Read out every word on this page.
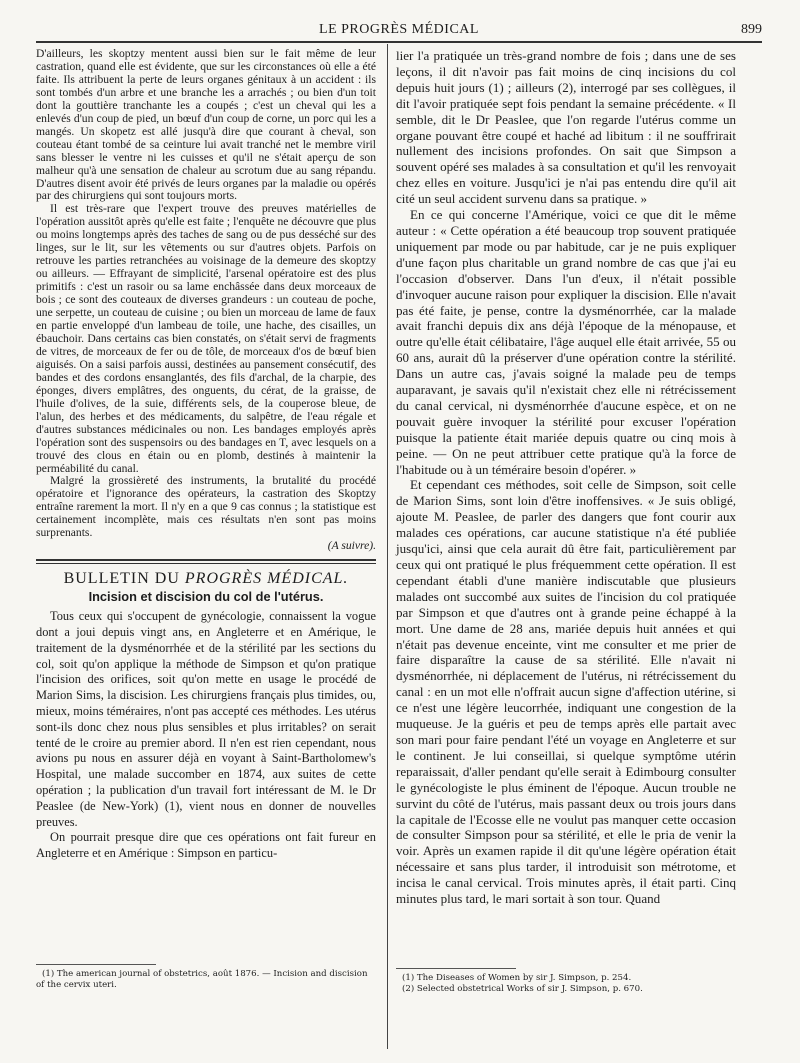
LE PROGRÈS MÉDICAL	899

D'ailleurs, les skoptzy mentent aussi bien sur le fait même de leur castration, quand elle est évidente, que sur les circonstances où elle a été faite. Ils attribuent la perte de leurs organes génitaux à un accident : ils sont tombés d'un arbre et une branche les a arrachés ; ou bien d'un toit dont la gouttière tranchante les a coupés ; c'est un cheval qui les a enlevés d'un coup de pied, un bœuf d'un coup de corne, un porc qui les a mangés. Un skopetz est allé jusqu'à dire que courant à cheval, son couteau étant tombé de sa ceinture lui avait tranché net le membre viril sans blesser le ventre ni les cuisses et qu'il ne s'était aperçu de son malheur qu'à une sensation de chaleur au scrotum due au sang répandu. D'autres disent avoir été privés de leurs organes par la maladie ou opérés par des chirurgiens qui sont toujours morts.

Il est très-rare que l'expert trouve des preuves matérielles de l'opération aussitôt après qu'elle est faite ; l'enquête ne découvre que plus ou moins longtemps après des taches de sang ou de pus desséché sur des linges, sur le lit, sur les vêtements ou sur d'autres objets. Parfois on retrouve les parties retranchées au voisinage de la demeure des skoptzy ou ailleurs. — Effrayant de simplicité, l'arsenal opératoire est des plus primitifs : c'est un rasoir ou sa lame enchâssée dans deux morceaux de bois ; ce sont des couteaux de diverses grandeurs : un couteau de poche, une serpette, un couteau de cuisine ; ou bien un morceau de lame de faux en partie enveloppé d'un lambeau de toile, une hache, des cisailles, un ébauchoir. Dans certains cas bien constatés, on s'était servi de fragments de vitres, de morceaux de fer ou de tôle, de morceaux d'os de bœuf bien aiguisés. On a saisi parfois aussi, destinées au pansement consécutif, des bandes et des cordons ensanglantés, des fils d'archal, de la charpie, des éponges, divers emplâtres, des onguents, du cérat, de la graisse, de l'huile d'olives, de la suie, différents sels, de la couperose bleue, de l'alun, des herbes et des médicaments, du salpêtre, de l'eau régale et d'autres substances médicinales ou non. Les bandages employés après l'opération sont des suspensoirs ou des bandages en T, avec lesquels on a trouvé des clous en étain ou en plomb, destinés à maintenir la perméabilité du canal.

Malgré la grossièreté des instruments, la brutalité du procédé opératoire et l'ignorance des opérateurs, la castration des Skoptzy entraîne rarement la mort. Il n'y en a que 9 cas connus ; la statistique est certainement incomplète, mais ces résultats n'en sont pas moins surprenants.

(A suivre).
BULLETIN DU PROGRÈS MÉDICAL.
Incision et discision du col de l'utérus.

Tous ceux qui s'occupent de gynécologie, connaissent la vogue dont a joui depuis vingt ans, en Angleterre et en Amérique, le traitement de la dysménorrhée et de la stérilité par les sections du col, soit qu'on applique la méthode de Simpson et qu'on pratique l'incision des orifices, soit qu'on mette en usage le procédé de Marion Sims, la discision. Les chirurgiens français plus timides, ou, mieux, moins téméraires, n'ont pas accepté ces méthodes. Les utérus sont-ils donc chez nous plus sensibles et plus irritables? on serait tenté de le croire au premier abord. Il n'en est rien cependant, nous avions pu nous en assurer déjà en voyant à Saint-Bartholomew's Hospital, une malade succomber en 1874, aux suites de cette opération ; la publication d'un travail fort intéressant de M. le Dr Peaslee (de New-York) (1), vient nous en donner de nouvelles preuves.

On pourrait presque dire que ces opérations ont fait fureur en Angleterre et en Amérique : Simpson en particu-

(1) The american journal of obstetrics, août 1876. — Incision and discision of the cervix uteri.

lier l'a pratiquée un très-grand nombre de fois ; dans une de ses leçons, il dit n'avoir pas fait moins de cinq incisions du col depuis huit jours (1) ; ailleurs (2), interrogé par ses collègues, il dit l'avoir pratiquée sept fois pendant la semaine précédente. « Il semble, dit le Dr Peaslee, que l'on regarde l'utérus comme un organe pouvant être coupé et haché ad libitum : il ne souffrirait nullement des incisions profondes. On sait que Simpson a souvent opéré ses malades à sa consultation et qu'il les renvoyait chez elles en voiture. Jusqu'ici je n'ai pas entendu dire qu'il ait cité un seul accident survenu dans sa pratique. »

En ce qui concerne l'Amérique, voici ce que dit le même auteur : « Cette opération a été beaucoup trop souvent pratiquée uniquement par mode ou par habitude, car je ne puis expliquer d'une façon plus charitable un grand nombre de cas que j'ai eu l'occasion d'observer. Dans l'un d'eux, il n'était possible d'invoquer aucune raison pour expliquer la discision. Elle n'avait pas été faite, je pense, contre la dysménorrhée, car la malade avait franchi depuis dix ans déjà l'époque de la ménopause, et outre qu'elle était célibataire, l'âge auquel elle était arrivée, 55 ou 60 ans, aurait dû la préserver d'une opération contre la stérilité. Dans un autre cas, j'avais soigné la malade peu de temps auparavant, je savais qu'il n'existait chez elle ni rétrécissement du canal cervical, ni dysménorrhée d'aucune espèce, et on ne pouvait guère invoquer la stérilité pour excuser l'opération puisque la patiente était mariée depuis quatre ou cinq mois à peine. — On ne peut attribuer cette pratique qu'à la force de l'habitude ou à un téméraire besoin d'opérer. »

Et cependant ces méthodes, soit celle de Simpson, soit celle de Marion Sims, sont loin d'être inoffensives. « Je suis obligé, ajoute M. Peaslee, de parler des dangers que font courir aux malades ces opérations, car aucune statistique n'a été publiée jusqu'ici, ainsi que cela aurait dû être fait, particulièrement par ceux qui ont pratiqué le plus fréquemment cette opération. Il est cependant établi d'une manière indiscutable que plusieurs malades ont succombé aux suites de l'incision du col pratiquée par Simpson et que d'autres ont à grande peine échappé à la mort. Une dame de 28 ans, mariée depuis huit années et qui n'était pas devenue enceinte, vint me consulter et me prier de faire disparaître la cause de sa stérilité. Elle n'avait ni dysménorrhée, ni déplacement de l'utérus, ni rétrécissement du canal : en un mot elle n'offrait aucun signe d'affection utérine, si ce n'est une légère leucorrhée, indiquant une congestion de la muqueuse. Je la guéris et peu de temps après elle partait avec son mari pour faire pendant l'été un voyage en Angleterre et sur le continent. Je lui conseillai, si quelque symptôme utérin reparaissait, d'aller pendant qu'elle serait à Edimbourg consulter le gynécologiste le plus éminent de l'époque. Aucun trouble ne survint du côté de l'utérus, mais passant deux ou trois jours dans la capitale de l'Ecosse elle ne voulut pas manquer cette occasion de consulter Simpson pour sa stérilité, et elle le pria de venir la voir. Après un examen rapide il dit qu'une légère opération était nécessaire et sans plus tarder, il introduisit son métrotome, et incisa le canal cervical. Trois minutes après, il était parti. Cinq minutes plus tard, le mari sortait à son tour. Quand

(1) The Diseases of Women by sir J. Simpson, p. 254.

(2) Selected obstetrical Works of sir J. Simpson, p. 670.
